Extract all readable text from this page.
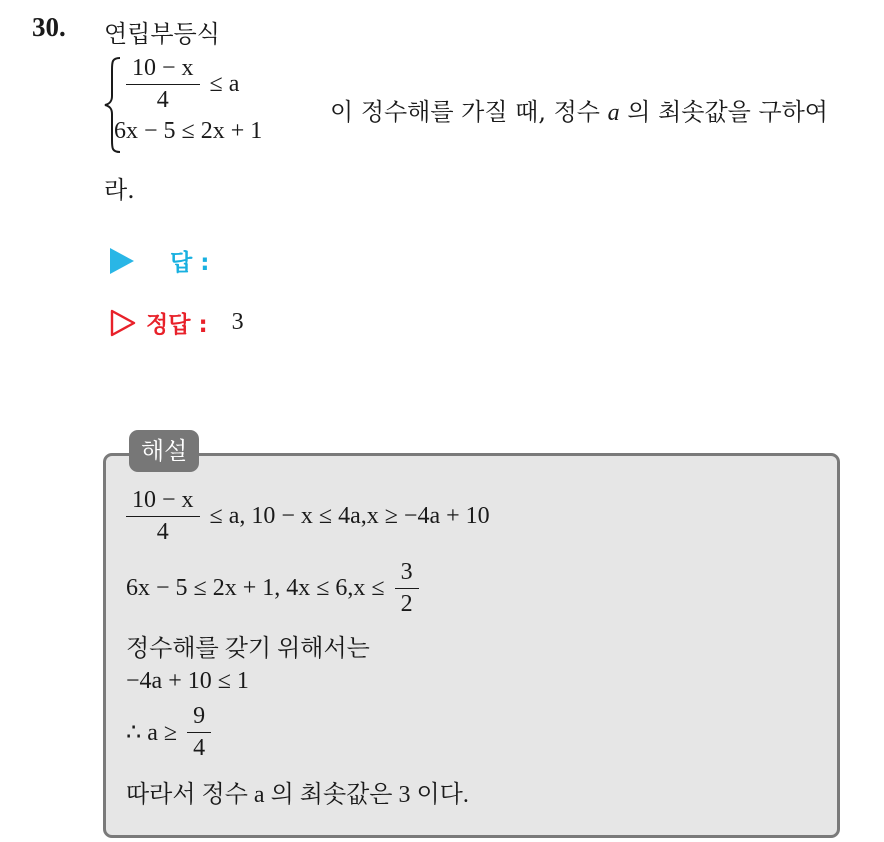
30. 연립부등식
$\frac{10 - x}{4} \le a$
6x − 5 ≤ 2x + 1
이 정수해를 가질 때, 정수 a 의 최솟값을 구하여
라.
답 :
정답 : 3
해설
$\frac{10 - x}{4} \le a$, 10 − x ≤ 4a,x ≥ −4a + 10
6x − 5 ≤ 2x + 1, $4x \le 6,x \le \frac{3}{2}$
정수해를 갖기 위해서는
−4a + 10 ≤ 1
∴ $a \ge \frac{9}{4}$
따라서 정수 a 의 최솟값은 3 이다.
